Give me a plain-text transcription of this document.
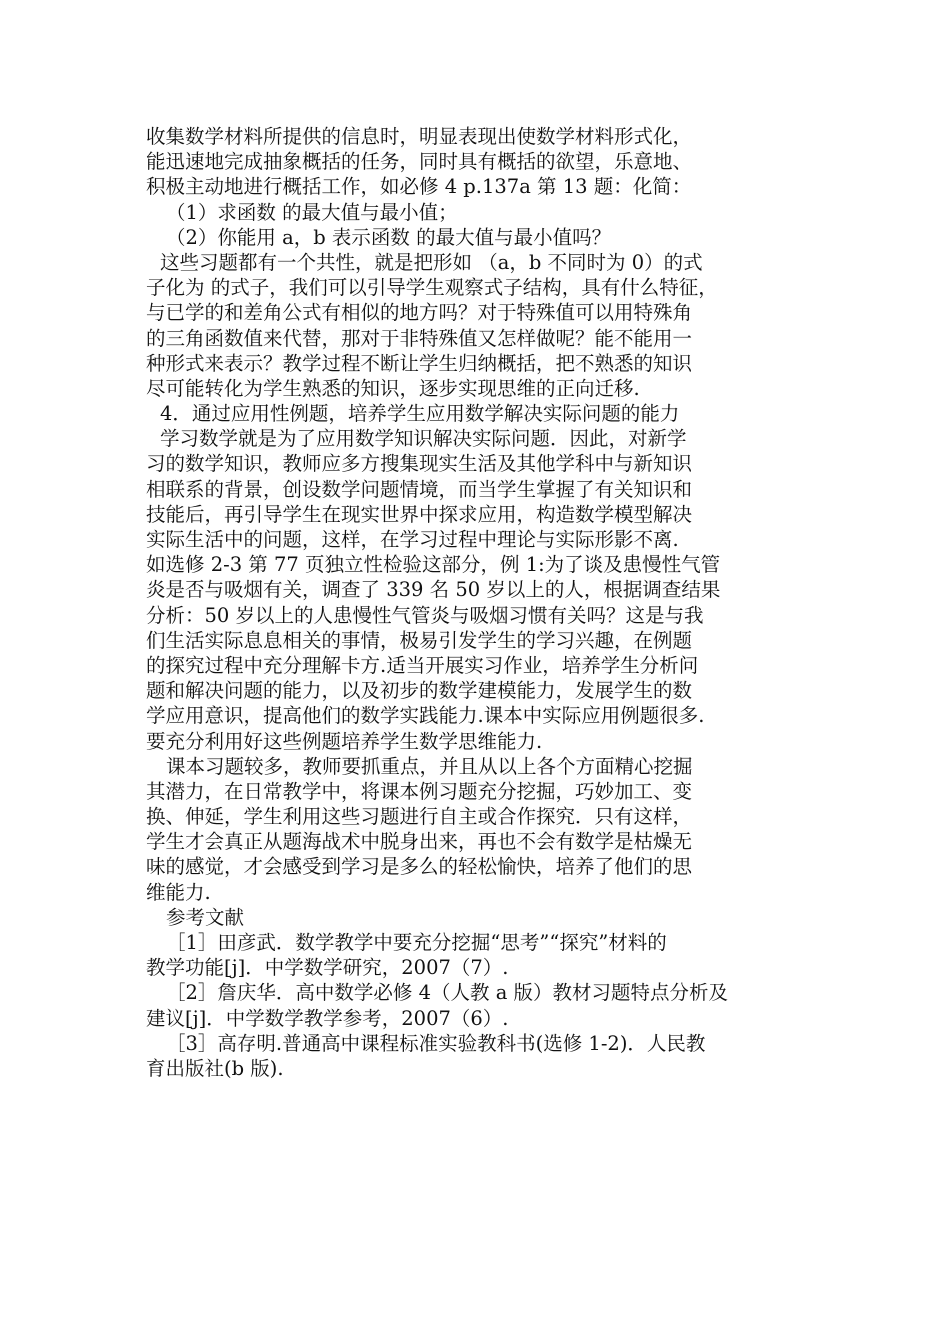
收集数学材料所提供的信息时，明显表现出使数学材料形式化，
能迅速地完成抽象概括的任务，同时具有概括的欲望，乐意地、
积极主动地进行概括工作，如必修 4 p.137a 第 13 题：化简：
（1）求函数 的最大值与最小值；
（2）你能用 a，b 表示函数 的最大值与最小值吗？
这些习题都有一个共性，就是把形如 （a，b 不同时为 0）的式
子化为 的式子，我们可以引导学生观察式子结构，具有什么特征，
与已学的和差角公式有相似的地方吗？对于特殊值可以用特殊角
的三角函数值来代替，那对于非特殊值又怎样做呢？能不能用一
种形式来表示？教学过程不断让学生归纳概括，把不熟悉的知识
尽可能转化为学生熟悉的知识，逐步实现思维的正向迁移.
4．通过应用性例题，培养学生应用数学解决实际问题的能力
学习数学就是为了应用数学知识解决实际问题．因此，对新学
习的数学知识，教师应多方搜集现实生活及其他学科中与新知识
相联系的背景，创设数学问题情境，而当学生掌握了有关知识和
技能后，再引导学生在现实世界中探求应用，构造数学模型解决
实际生活中的问题，这样，在学习过程中理论与实际形影不离.
如选修 2-3 第 77 页独立性检验这部分，例 1:为了谈及患慢性气管
炎是否与吸烟有关，调查了 339 名 50 岁以上的人，根据调查结果
分析：50 岁以上的人患慢性气管炎与吸烟习惯有关吗？这是与我
们生活实际息息相关的事情，极易引发学生的学习兴趣，在例题
的探究过程中充分理解卡方.适当开展实习作业，培养学生分析问
题和解决问题的能力，以及初步的数学建模能力，发展学生的数
学应用意识，提高他们的数学实践能力.课本中实际应用例题很多.
要充分利用好这些例题培养学生数学思维能力.
课本习题较多，教师要抓重点，并且从以上各个方面精心挖掘
其潜力，在日常教学中，将课本例习题充分挖掘，巧妙加工、变
换、伸延，学生利用这些习题进行自主或合作探究．只有这样，
学生才会真正从题海战术中脱身出来，再也不会有数学是枯燥无
味的感觉，才会感受到学习是多么的轻松愉快，培养了他们的思
维能力.
参考文献
［1］田彦武．数学教学中要充分挖掘“思考”“探究”材料的
教学功能[j]．中学数学研究，2007（7）.
［2］詹庆华．高中数学必修 4（人教 a 版）教材习题特点分析及
建议[j]．中学数学教学参考，2007（6）.
［3］高存明.普通高中课程标准实验教科书(选修 1-2)．人民教
育出版社(b 版).
